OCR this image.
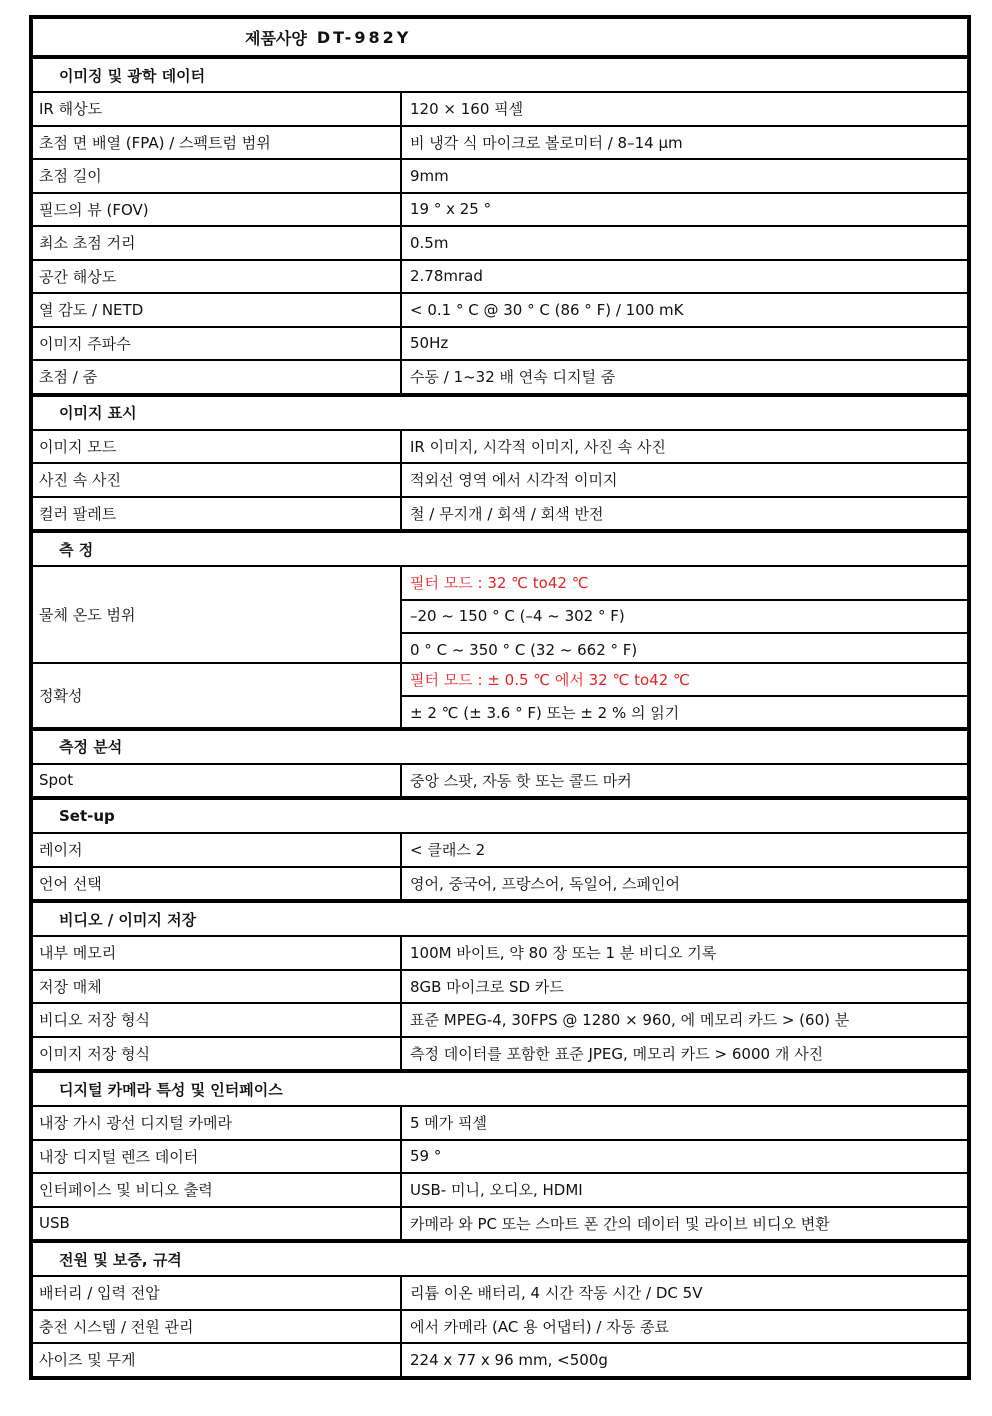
제품사양 DT-982Y
이미징 및 광학 데이터
IR 해상도	120 × 160 픽셀
초점 면 배열 (FPA) / 스펙트럼 범위	비 냉각 식 마이크로 볼로미터 / 8–14 μm
초점 길이	9mm
필드의 뷰 (FOV)	19 ° x 25 °
최소 초점 거리	0.5m
공간 해상도	2.78mrad
열 감도 / NETD	< 0.1 ° C @ 30 ° C (86 ° F) / 100 mK
이미지 주파수	50Hz
초점 / 줌	수동 / 1~32 배 연속 디지털 줌
이미지 표시
이미지 모드	IR 이미지, 시각적 이미지, 사진 속 사진
사진 속 사진	적외선 영역 에서 시각적 이미지
컬러 팔레트	철 / 무지개 / 회색 / 회색 반전
측 정
물체 온도 범위
필터 모드 : 32 ℃ to42 ℃
–20 ~ 150 ° C (–4 ~ 302 ° F)
0 ° C ~ 350 ° C (32 ~ 662 ° F)
정확성
필터 모드 : ± 0.5 ℃ 에서 32 ℃ to42 ℃
± 2 ℃ (± 3.6 ° F) 또는 ± 2 % 의 읽기
측정 분석
Spot	중앙 스팟, 자동 핫 또는 콜드 마커
Set-up
레이저	< 클래스 2
언어 선택	영어, 중국어, 프랑스어, 독일어, 스페인어
비디오 / 이미지 저장
내부 메모리	100M 바이트, 약 80 장 또는 1 분 비디오 기록
저장 매체	8GB 마이크로 SD 카드
비디오 저장 형식	표준 MPEG-4, 30FPS @ 1280 × 960, 에 메모리 카드 > (60) 분
이미지 저장 형식	측정 데이터를 포함한 표준 JPEG, 메모리 카드 > 6000 개 사진
디지털 카메라 특성 및 인터페이스
내장 가시 광선 디지털 카메라	5 메가 픽셀
내장 디지털 렌즈 데이터	59 °
인터페이스 및 비디오 출력	USB- 미니, 오디오, HDMI
USB	카메라 와 PC 또는 스마트 폰 간의 데이터 및 라이브 비디오 변환
전원 및 보증, 규격
배터리 / 입력 전압	리튬 이온 배터리, 4 시간 작동 시간 / DC 5V
충전 시스템 / 전원 관리	에서 카메라 (AC 용 어댑터) / 자동 종료
사이즈 및 무게	224 x 77 x 96 mm, <500g
